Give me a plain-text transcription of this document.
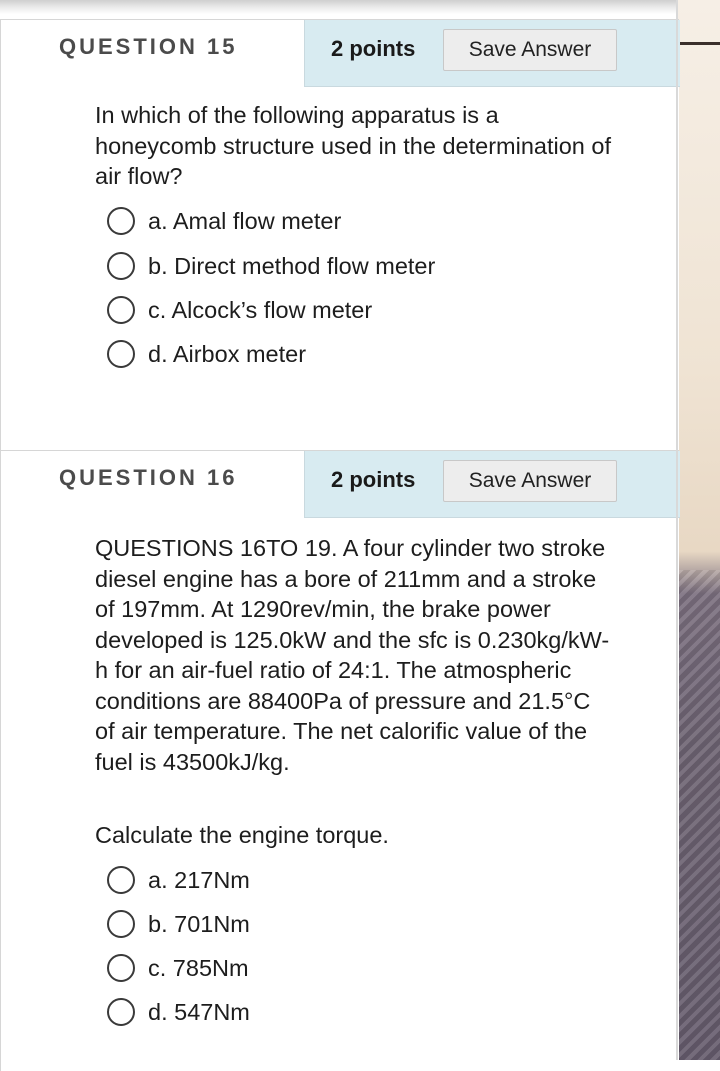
QUESTION 15	2 points	Save Answer
In which of the following apparatus is a honeycomb structure used in the determination of air flow?
a. Amal flow meter
b. Direct method flow meter
c. Alcock’s flow meter
d. Airbox meter
QUESTION 16	2 points	Save Answer
QUESTIONS 16TO 19. A four cylinder two stroke diesel engine has a bore of 211mm and a stroke of 197mm. At 1290rev/min, the brake power developed is 125.0kW and the sfc is 0.230kg/kW-h for an air-fuel ratio of 24:1. The atmospheric conditions are 88400Pa of pressure and 21.5°C of air temperature. The net calorific value of the fuel is 43500kJ/kg.
Calculate the engine torque.
a. 217Nm
b. 701Nm
c. 785Nm
d. 547Nm
